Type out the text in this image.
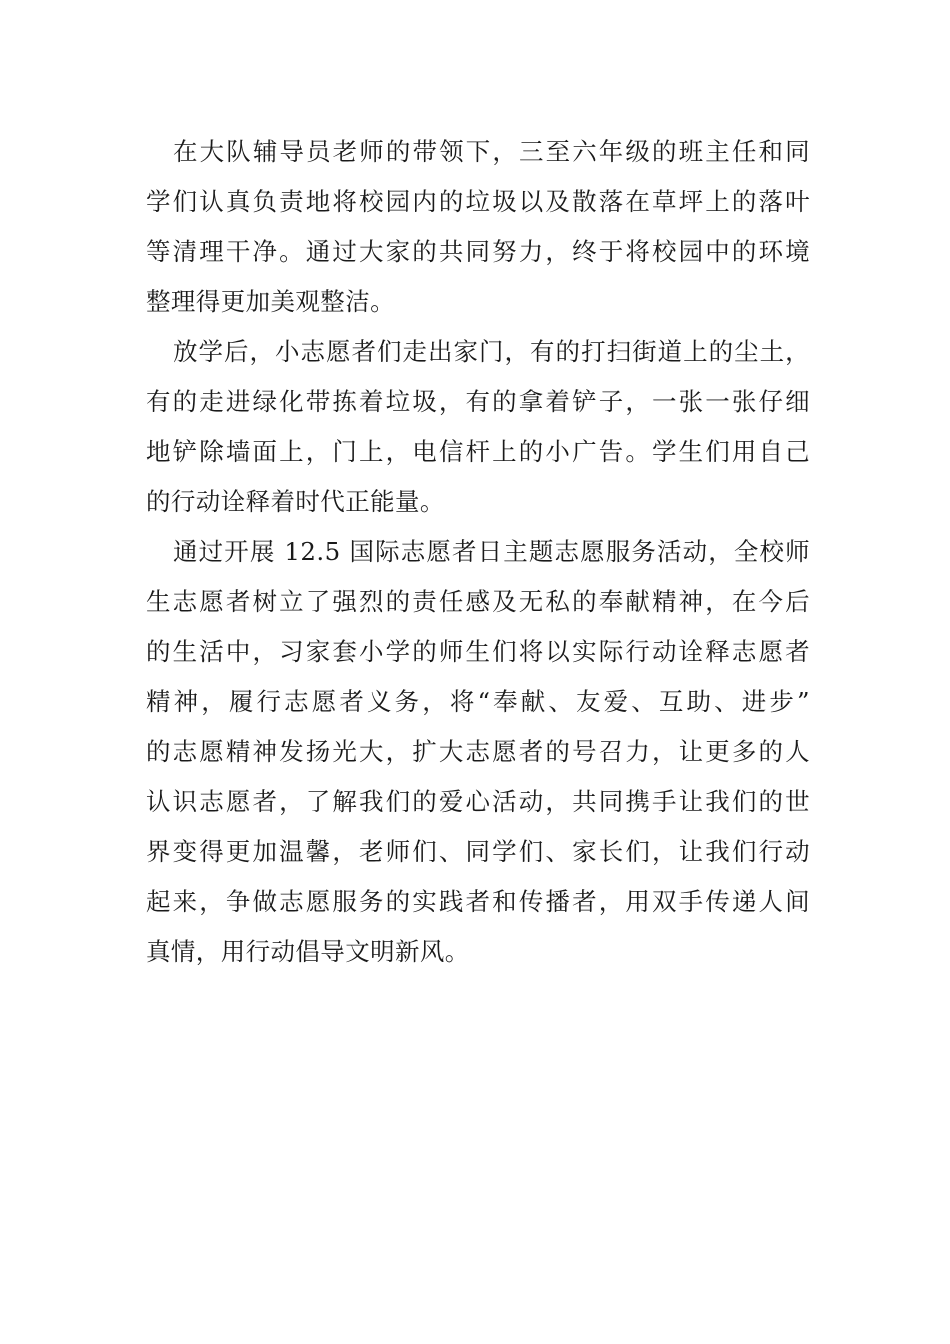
在大队辅导员老师的带领下，三至六年级的班主任和同
学们认真负责地将校园内的垃圾以及散落在草坪上的落叶
等清理干净。通过大家的共同努力，终于将校园中的环境
整理得更加美观整洁。
放学后，小志愿者们走出家门，有的打扫街道上的尘土，
有的走进绿化带拣着垃圾，有的拿着铲子，一张一张仔细
地铲除墙面上，门上，电信杆上的小广告。学生们用自己
的行动诠释着时代正能量。
通过开展 12.5 国际志愿者日主题志愿服务活动，全校师
生志愿者树立了强烈的责任感及无私的奉献精神，在今后
的生活中，习家套小学的师生们将以实际行动诠释志愿者
精神，履行志愿者义务，将“奉献、友爱、互助、进步”
的志愿精神发扬光大，扩大志愿者的号召力，让更多的人
认识志愿者，了解我们的爱心活动，共同携手让我们的世
界变得更加温馨，老师们、同学们、家长们，让我们行动
起来，争做志愿服务的实践者和传播者，用双手传递人间
真情，用行动倡导文明新风。
